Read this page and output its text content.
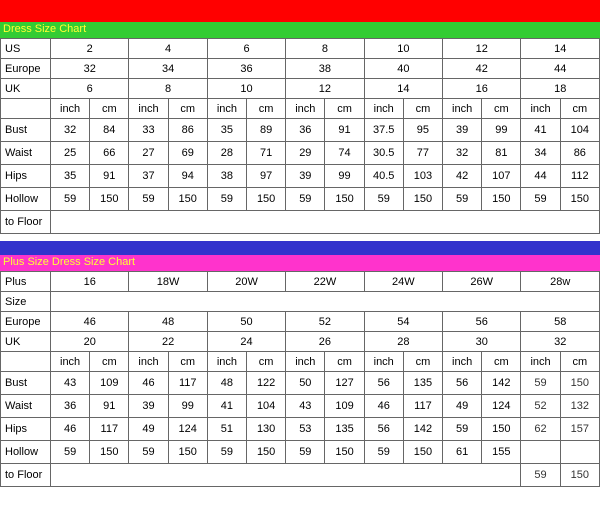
Dress Size Chart
US	2		4		6		8		10		12		14	
Europe	32		34		36		38		40		42		44	
UK	6		8		10		12		14		16		18	
	inch	cm	inch	cm	inch	cm	inch	cm	inch	cm	inch	cm	inch	cm
Bust	32	84	33	86	35	89	36	91	37.5	95	39	99	41	104
Waist	25	66	27	69	28	71	29	74	30.5	77	32	81	34	86
Hips	35	91	37	94	38	97	39	99	40.5	103	42	107	44	112
Hollow	59	150	59	150	59	150	59	150	59	150	59	150	59	150
to Floor														
Plus Size Dress Size Chart
Plus	16		18W		20W		22W		24W		26W		28w	
Size														
Europe	46		48		50		52		54		56		58	
UK	20		22		24		26		28		30		32	
	inch	cm	inch	cm	inch	cm	inch	cm	inch	cm	inch	cm	inch	cm
Bust	43	109	46	117	48	122	50	127	56	135	56	142	59	150
Waist	36	91	39	99	41	104	43	109	46	117	49	124	52	132
Hips	46	117	49	124	51	130	53	135	56	142	59	150	62	157
Hollow	59	150	59	150	59	150	59	150	59	150	61	155		
to Floor													59	150
